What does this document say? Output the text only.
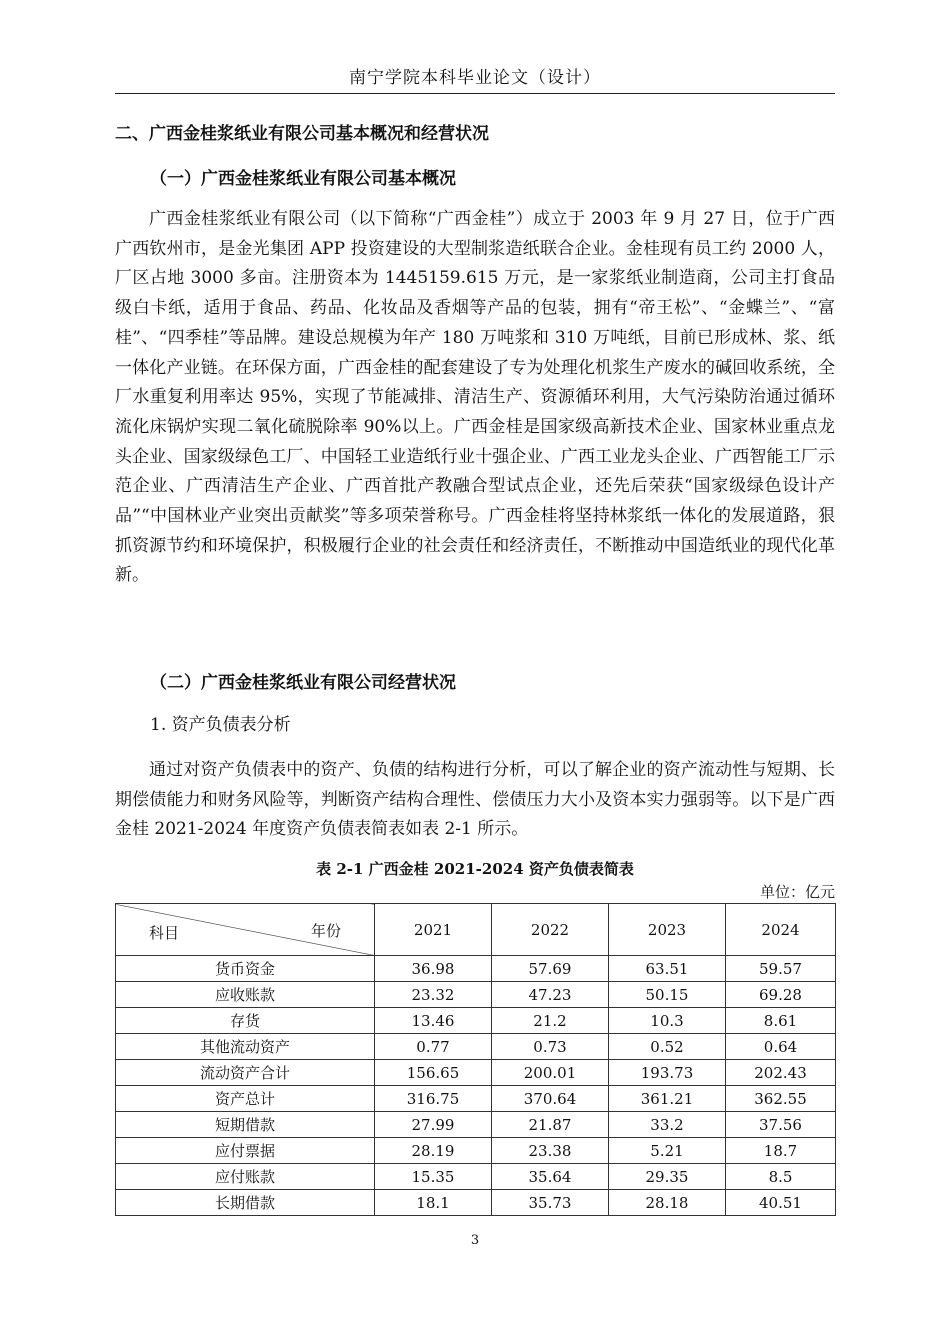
南宁学院本科毕业论文（设计）
二、广西金桂浆纸业有限公司基本概况和经营状况
（一）广西金桂浆纸业有限公司基本概况

广西金桂浆纸业有限公司（以下简称“广西金桂”）成立于 2003 年 9 月 27 日，位于广西广西钦州市，是金光集团 APP 投资建设的大型制浆造纸联合企业。金桂现有员工约 2000 人，厂区占地 3000 多亩。注册资本为 1445159.615 万元，是一家浆纸业制造商，公司主打食品级白卡纸，适用于食品、药品、化妆品及香烟等产品的包装，拥有“帝王松”、“金蝶兰”、“富桂”、“四季桂”等品牌。建设总规模为年产 180 万吨浆和 310 万吨纸，目前已形成林、浆、纸一体化产业链。在环保方面，广西金桂的配套建设了专为处理化机浆生产废水的碱回收系统，全厂水重复利用率达 95%，实现了节能减排、清洁生产、资源循环利用，大气污染防治通过循环流化床锅炉实现二氧化硫脱除率 90%以上。广西金桂是国家级高新技术企业、国家林业重点龙头企业、国家级绿色工厂、中国轻工业造纸行业十强企业、广西工业龙头企业、广西智能工厂示范企业、广西清洁生产企业、广西首批产教融合型试点企业，还先后荣获“国家级绿色设计产品”“中国林业产业突出贡献奖”等多项荣誉称号。广西金桂将坚持林浆纸一体化的发展道路，狠抓资源节约和环境保护，积极履行企业的社会责任和经济责任，不断推动中国造纸业的现代化革新。

（二）广西金桂浆纸业有限公司经营状况
1. 资产负债表分析

通过对资产负债表中的资产、负债的结构进行分析，可以了解企业的资产流动性与短期、长期偿债能力和财务风险等，判断资产结构合理性、偿债压力大小及资本实力强弱等。以下是广西金桂 2021-2024 年度资产负债表简表如表 2-1 所示。

表 2-1 广西金桂 2021-2024 资产负债表简表
单位：亿元
科目 年份	2021	2022	2023	2024
货币资金	36.98	57.69	63.51	59.57
应收账款	23.32	47.23	50.15	69.28
存货	13.46	21.2	10.3	8.61
其他流动资产	0.77	0.73	0.52	0.64
流动资产合计	156.65	200.01	193.73	202.43
资产总计	316.75	370.64	361.21	362.55
短期借款	27.99	21.87	33.2	37.56
应付票据	28.19	23.38	5.21	18.7
应付账款	15.35	35.64	29.35	8.5
长期借款	18.1	35.73	28.18	40.51
3
